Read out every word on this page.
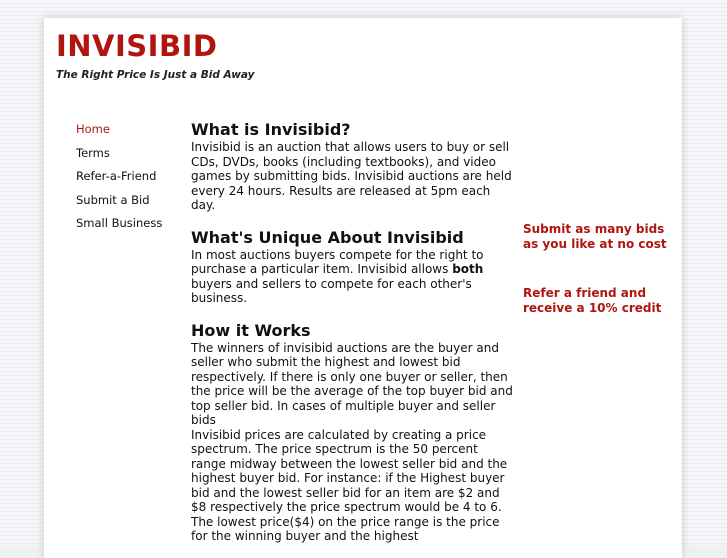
INVISIBID

The Right Price Is Just a Bid Away

Home
Terms
Refer-a-Friend
Submit a Bid
Small Business
What is Invisibid?

Invisibid is an auction that allows users to buy or sell CDs, DVDs, books (including textbooks), and video games by submitting bids. Invisibid auctions are held every 24 hours. Results are released at 5pm each day.

What's Unique About Invisibid

In most auctions buyers compete for the right to purchase a particular item. Invisibid allows both buyers and sellers to compete for each other's business.

How it Works

The winners of invisibid auctions are the buyer and seller who submit the highest and lowest bid respectively. If there is only one buyer or seller, then the price will be the average of the top buyer bid and top seller bid. In cases of multiple buyer and seller bids

Invisibid prices are calculated by creating a price spectrum. The price spectrum is the 50 percent range midway between the lowest seller bid and the highest buyer bid. For instance: if the Highest buyer bid and the lowest seller bid for an item are $2 and $8 respectively the price spectrum would be 4 to 6. The lowest price($4) on the price range is the price for the winning buyer and the highest

Submit as many bids as you like at no cost

Refer a friend and receive a 10% credit
